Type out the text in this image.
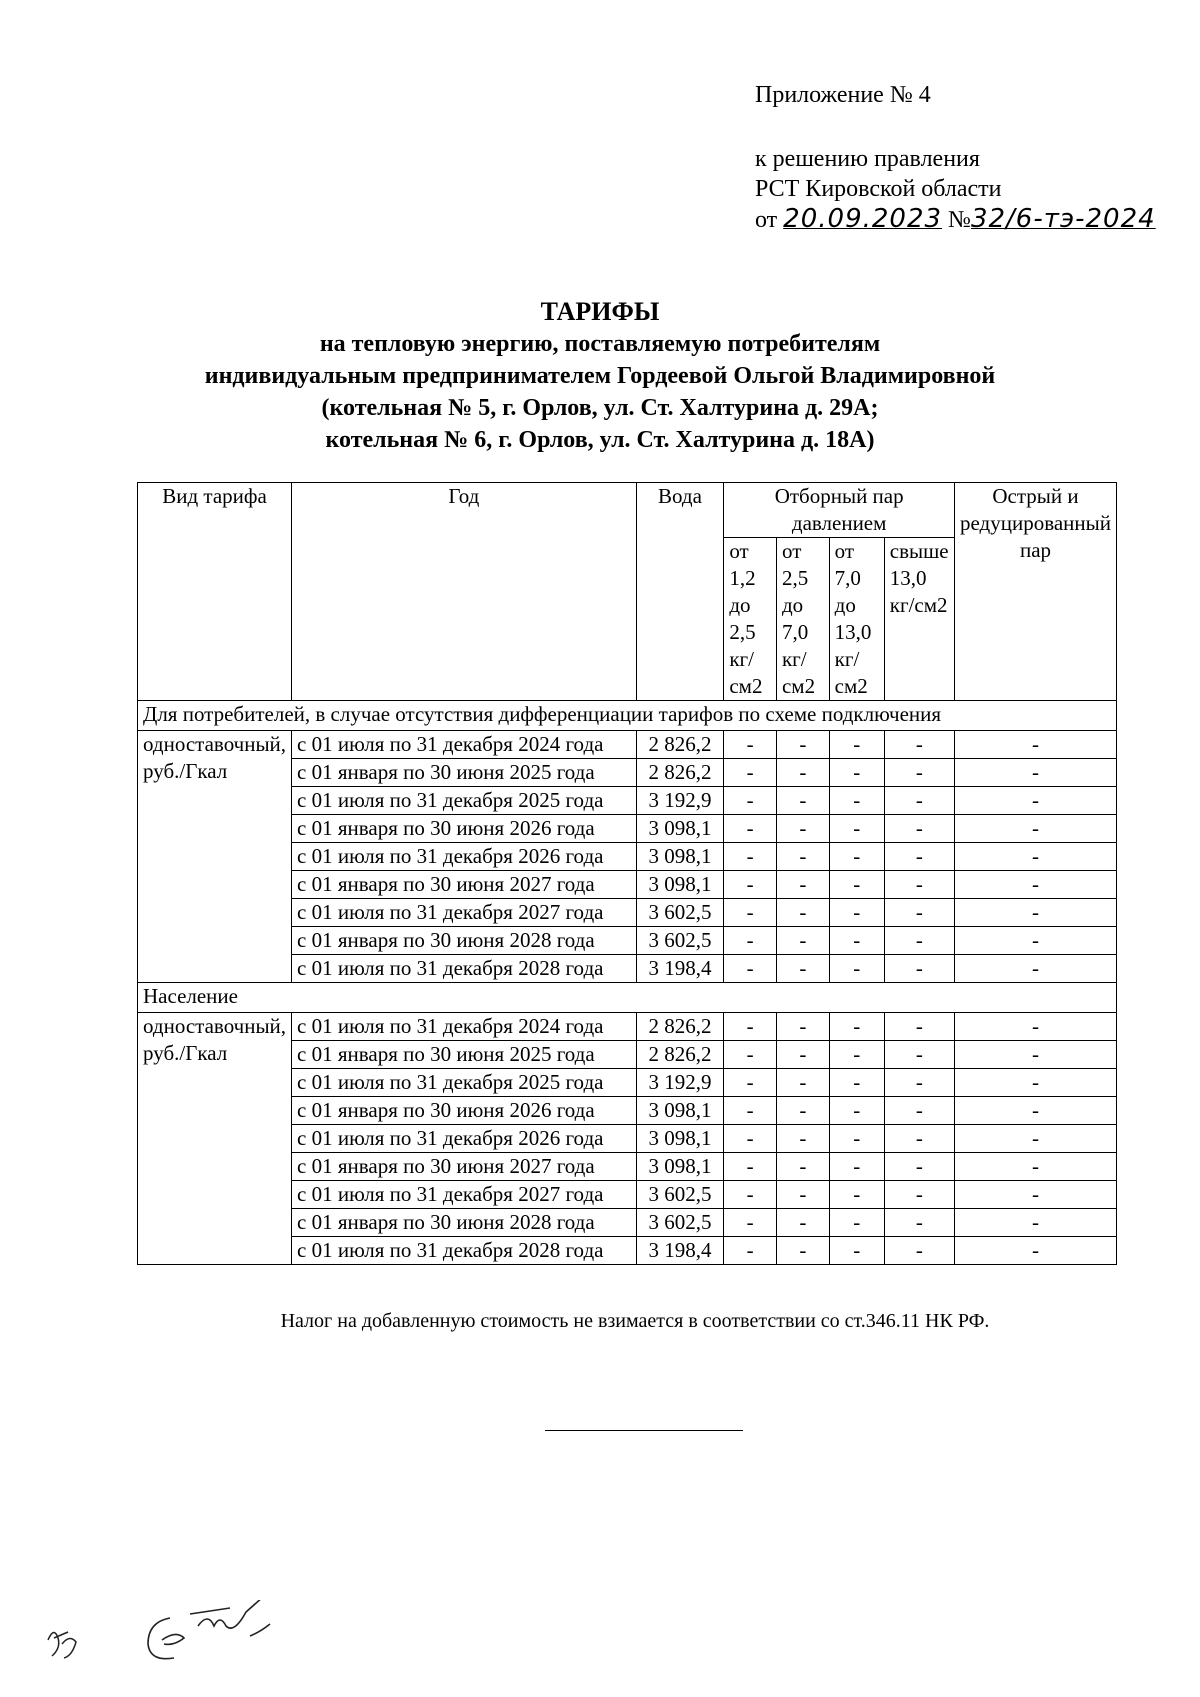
Приложение № 4
к решению правления
РСТ Кировской области
от 20.09.2023 №32/6-тэ-2024
ТАРИФЫ
на тепловую энергию, поставляемую потребителям
индивидуальным предпринимателем Гордеевой Ольгой Владимировной
(котельная № 5, г. Орлов, ул. Ст. Халтурина д. 29А;
котельная № 6, г. Орлов, ул. Ст. Халтурина д. 18А)
Вид тарифа	Год	Вода	Отборный пар давлением				Острый и редуцированный пар
			от 1,2 до 2,5 кг/см2	от 2,5 до 7,0 кг/см2	от 7,0 до 13,0 кг/см2	свыше 13,0 кг/см2	
Для потребителей, в случае отсутствия дифференциации тарифов по схеме подключения							
одноставочный, руб./Гкал	с 01 июля по 31 декабря 2024 года	2 826,2	-	-	-	-	-
	с 01 января по 30 июня 2025 года	2 826,2	-	-	-	-	-
	с 01 июля по 31 декабря 2025 года	3 192,9	-	-	-	-	-
	с 01 января по 30 июня 2026 года	3 098,1	-	-	-	-	-
	с 01 июля по 31 декабря 2026 года	3 098,1	-	-	-	-	-
	с 01 января по 30 июня 2027 года	3 098,1	-	-	-	-	-
	с 01 июля по 31 декабря 2027 года	3 602,5	-	-	-	-	-
	с 01 января по 30 июня 2028 года	3 602,5	-	-	-	-	-
	с 01 июля по 31 декабря 2028 года	3 198,4	-	-	-	-	-
Население							
одноставочный, руб./Гкал	с 01 июля по 31 декабря 2024 года	2 826,2	-	-	-	-	-
	с 01 января по 30 июня 2025 года	2 826,2	-	-	-	-	-
	с 01 июля по 31 декабря 2025 года	3 192,9	-	-	-	-	-
	с 01 января по 30 июня 2026 года	3 098,1	-	-	-	-	-
	с 01 июля по 31 декабря 2026 года	3 098,1	-	-	-	-	-
	с 01 января по 30 июня 2027 года	3 098,1	-	-	-	-	-
	с 01 июля по 31 декабря 2027 года	3 602,5	-	-	-	-	-
	с 01 января по 30 июня 2028 года	3 602,5	-	-	-	-	-
	с 01 июля по 31 декабря 2028 года	3 198,4	-	-	-	-	-
Налог на добавленную стоимость не взимается в соответствии со ст.346.11 НК РФ.
